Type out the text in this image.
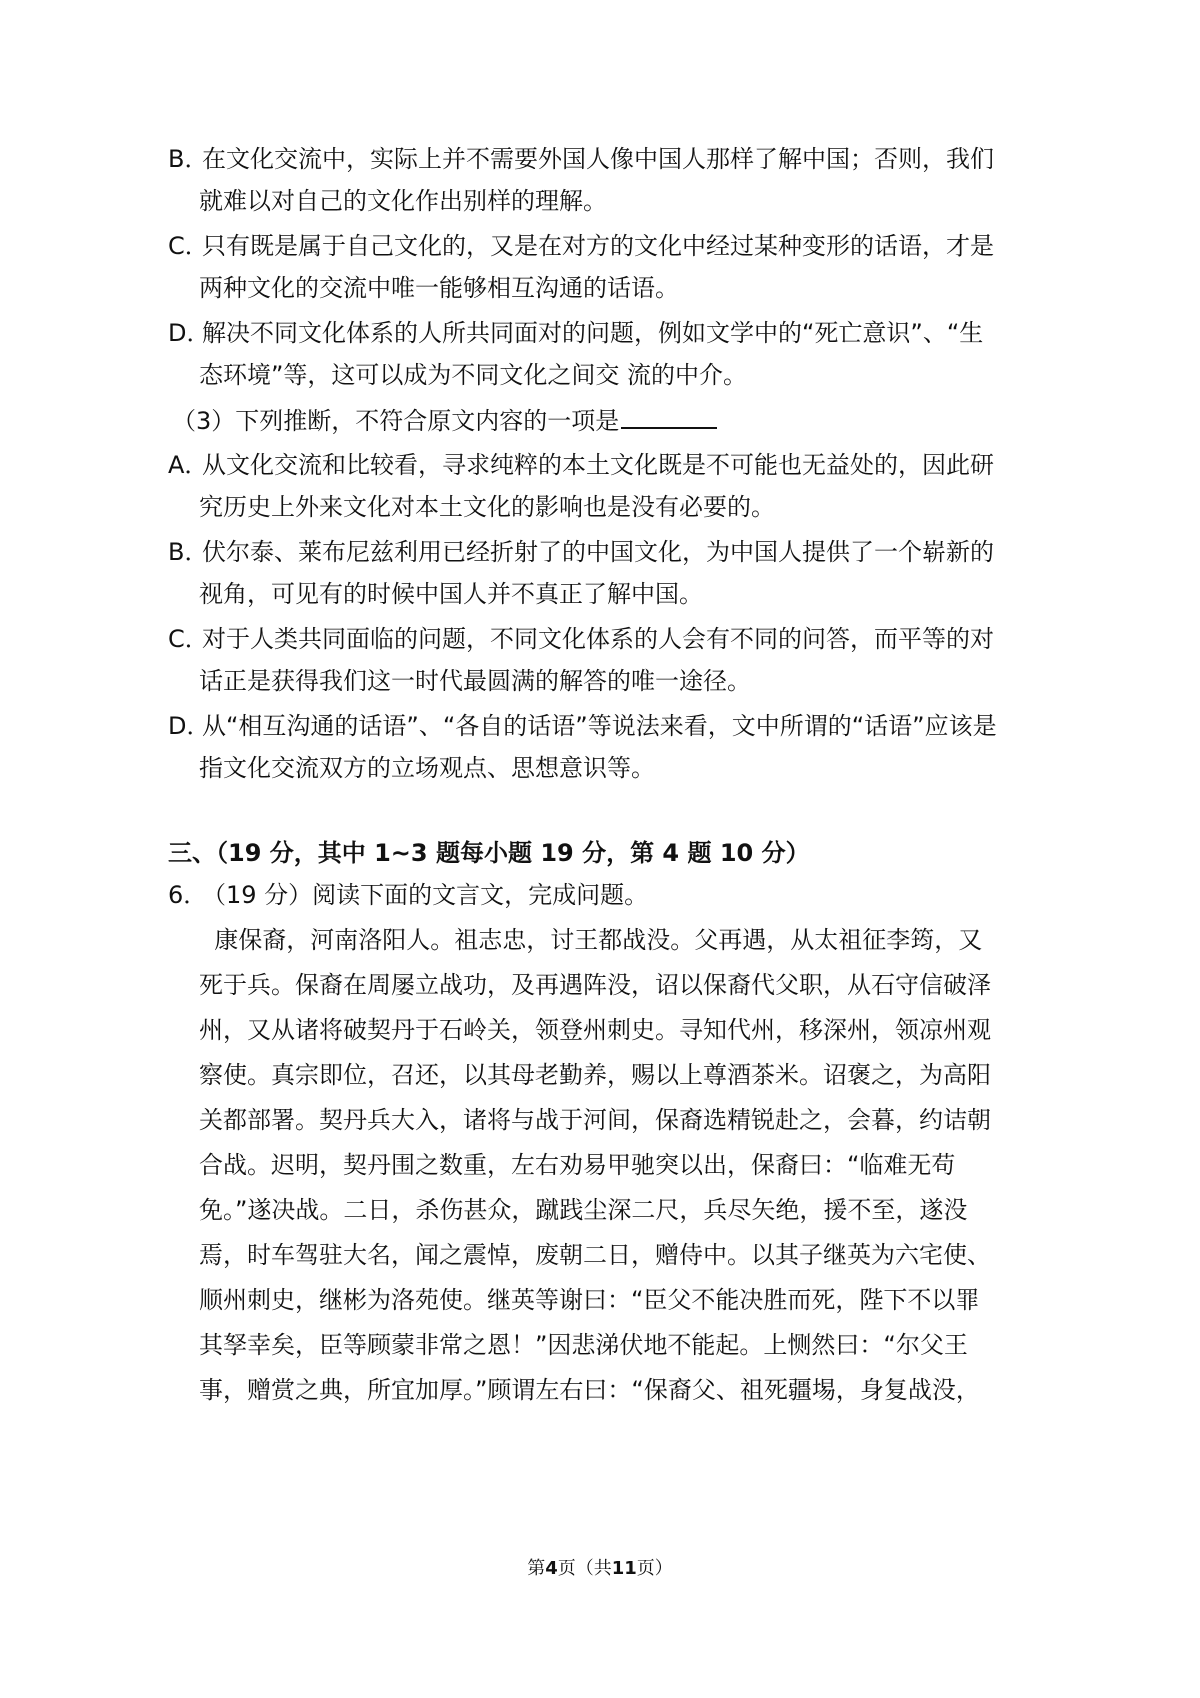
B．在文化交流中，实际上并不需要外国人像中国人那样了解中国；否则，我们
就难以对自己的文化作出别样的理解。
C．只有既是属于自己文化的，又是在对方的文化中经过某种变形的话语，才是
两种文化的交流中唯一能够相互沟通的话语。
D．解决不同文化体系的人所共同面对的问题，例如文学中的“死亡意识”、“生
态环境”等，这可以成为不同文化之间交 流的中介。
（3）下列推断，不符合原文内容的一项是
A．从文化交流和比较看，寻求纯粹的本土文化既是不可能也无益处的，因此研
究历史上外来文化对本土文化的影响也是没有必要的。
B．伏尔泰、莱布尼兹利用已经折射了的中国文化，为中国人提供了一个崭新的
视角，可见有的时候中国人并不真正了解中国。
C．对于人类共同面临的问题，不同文化体系的人会有不同的问答，而平等的对
话正是获得我们这一时代最圆满的解答的唯一途径。
D．从“相互沟通的话语”、“各自的话语”等说法来看，文中所谓的“话语”应该是
指文化交流双方的立场观点、思想意识等。
三、（19 分，其中 1~3 题每小题 19 分，第 4 题 10 分）
6．（19 分）阅读下面的文言文，完成问题。
康保裔，河南洛阳人。祖志忠，讨王都战没。父再遇，从太祖征李筠，又
死于兵。保裔在周屡立战功，及再遇阵没，诏以保裔代父职，从石守信破泽
州，又从诸将破契丹于石岭关，领登州刺史。寻知代州，移深州，领凉州观
察使。真宗即位，召还，以其母老勤养，赐以上尊酒茶米。诏褒之，为高阳
关都部署。契丹兵大入，诸将与战于河间，保裔选精锐赴之，会暮，约诘朝
合战。迟明，契丹围之数重，左右劝易甲驰突以出，保裔曰：“临难无苟
免。”遂决战。二日，杀伤甚众，蹴践尘深二尺，兵尽矢绝，援不至，遂没
焉，时车驾驻大名，闻之震悼，废朝二日，赠侍中。以其子继英为六宅使、
顺州刺史，继彬为洛苑使。继英等谢曰：“臣父不能决胜而死，陛下不以罪
其孥幸矣，臣等顾蒙非常之恩！”因悲涕伏地不能起。上恻然曰：“尔父王
事，赠赏之典，所宜加厚。”顾谓左右曰：“保裔父、祖死疆埸，身复战没，
第4页（共11页）
